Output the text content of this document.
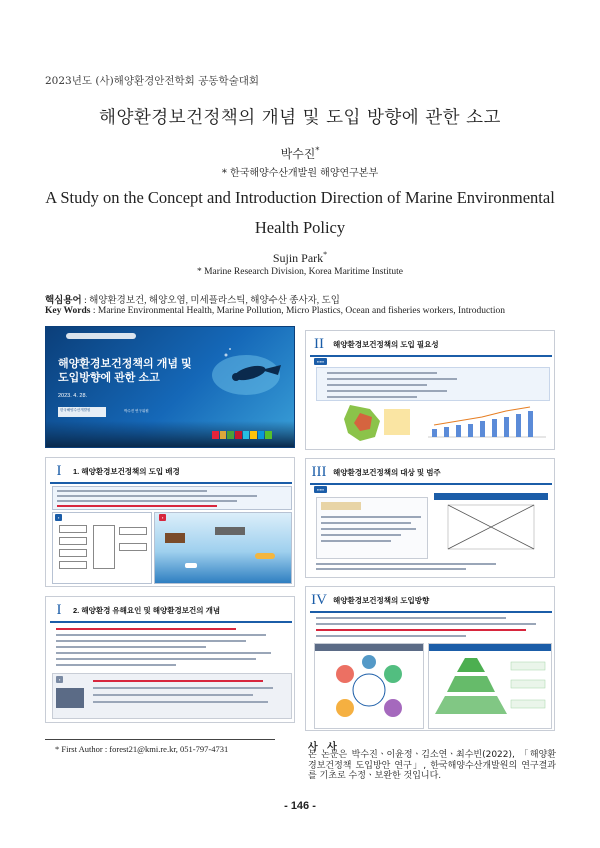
2023년도 (사)해양환경안전학회 공동학술대회
해양환경보건정책의 개념 및 도입 방향에 관한 소고
박수진*
* 한국해양수산개발원 해양연구본부
A Study on the Concept and Introduction Direction of Marine Environmental Health Policy
Sujin Park*
* Marine Research Division, Korea Maritime Institute
핵심용어 : 해양환경보건, 해양오염, 미세플라스틱, 해양수산 종사자, 도입
Key Words : Marine Environmental Health, Marine Pollution, Micro Plastics, Ocean and fisheries workers, Introduction
해양환경보건정책의 개념 및
도입방향에 관한 소고
2023. 4. 28.
한국해양수산개발원	박수진 연구위원
I	1. 해양환경보건정책의 도입 배경
▪	▪
I	2. 해양환경 유해요인 및 해양환경보건의 개념
▪
II	해양환경보건정책의 도입 필요성
▪▪▪▪▪
III 해양환경보건정책의 대상 및 범주
▪▪▪▪▪
IV 해양환경보건정책의 도입방향
사 사
본 논문은 박수진ㆍ이윤정ㆍ김소연ㆍ최수빈(2022), 「해양환경보건정책 도입방안 연구」, 한국해양수산개발원의 연구결과를 기초로 수정ㆍ보완한 것입니다.
* First Author : forest21@kmi.re.kr, 051-797-4731
- 146 -
